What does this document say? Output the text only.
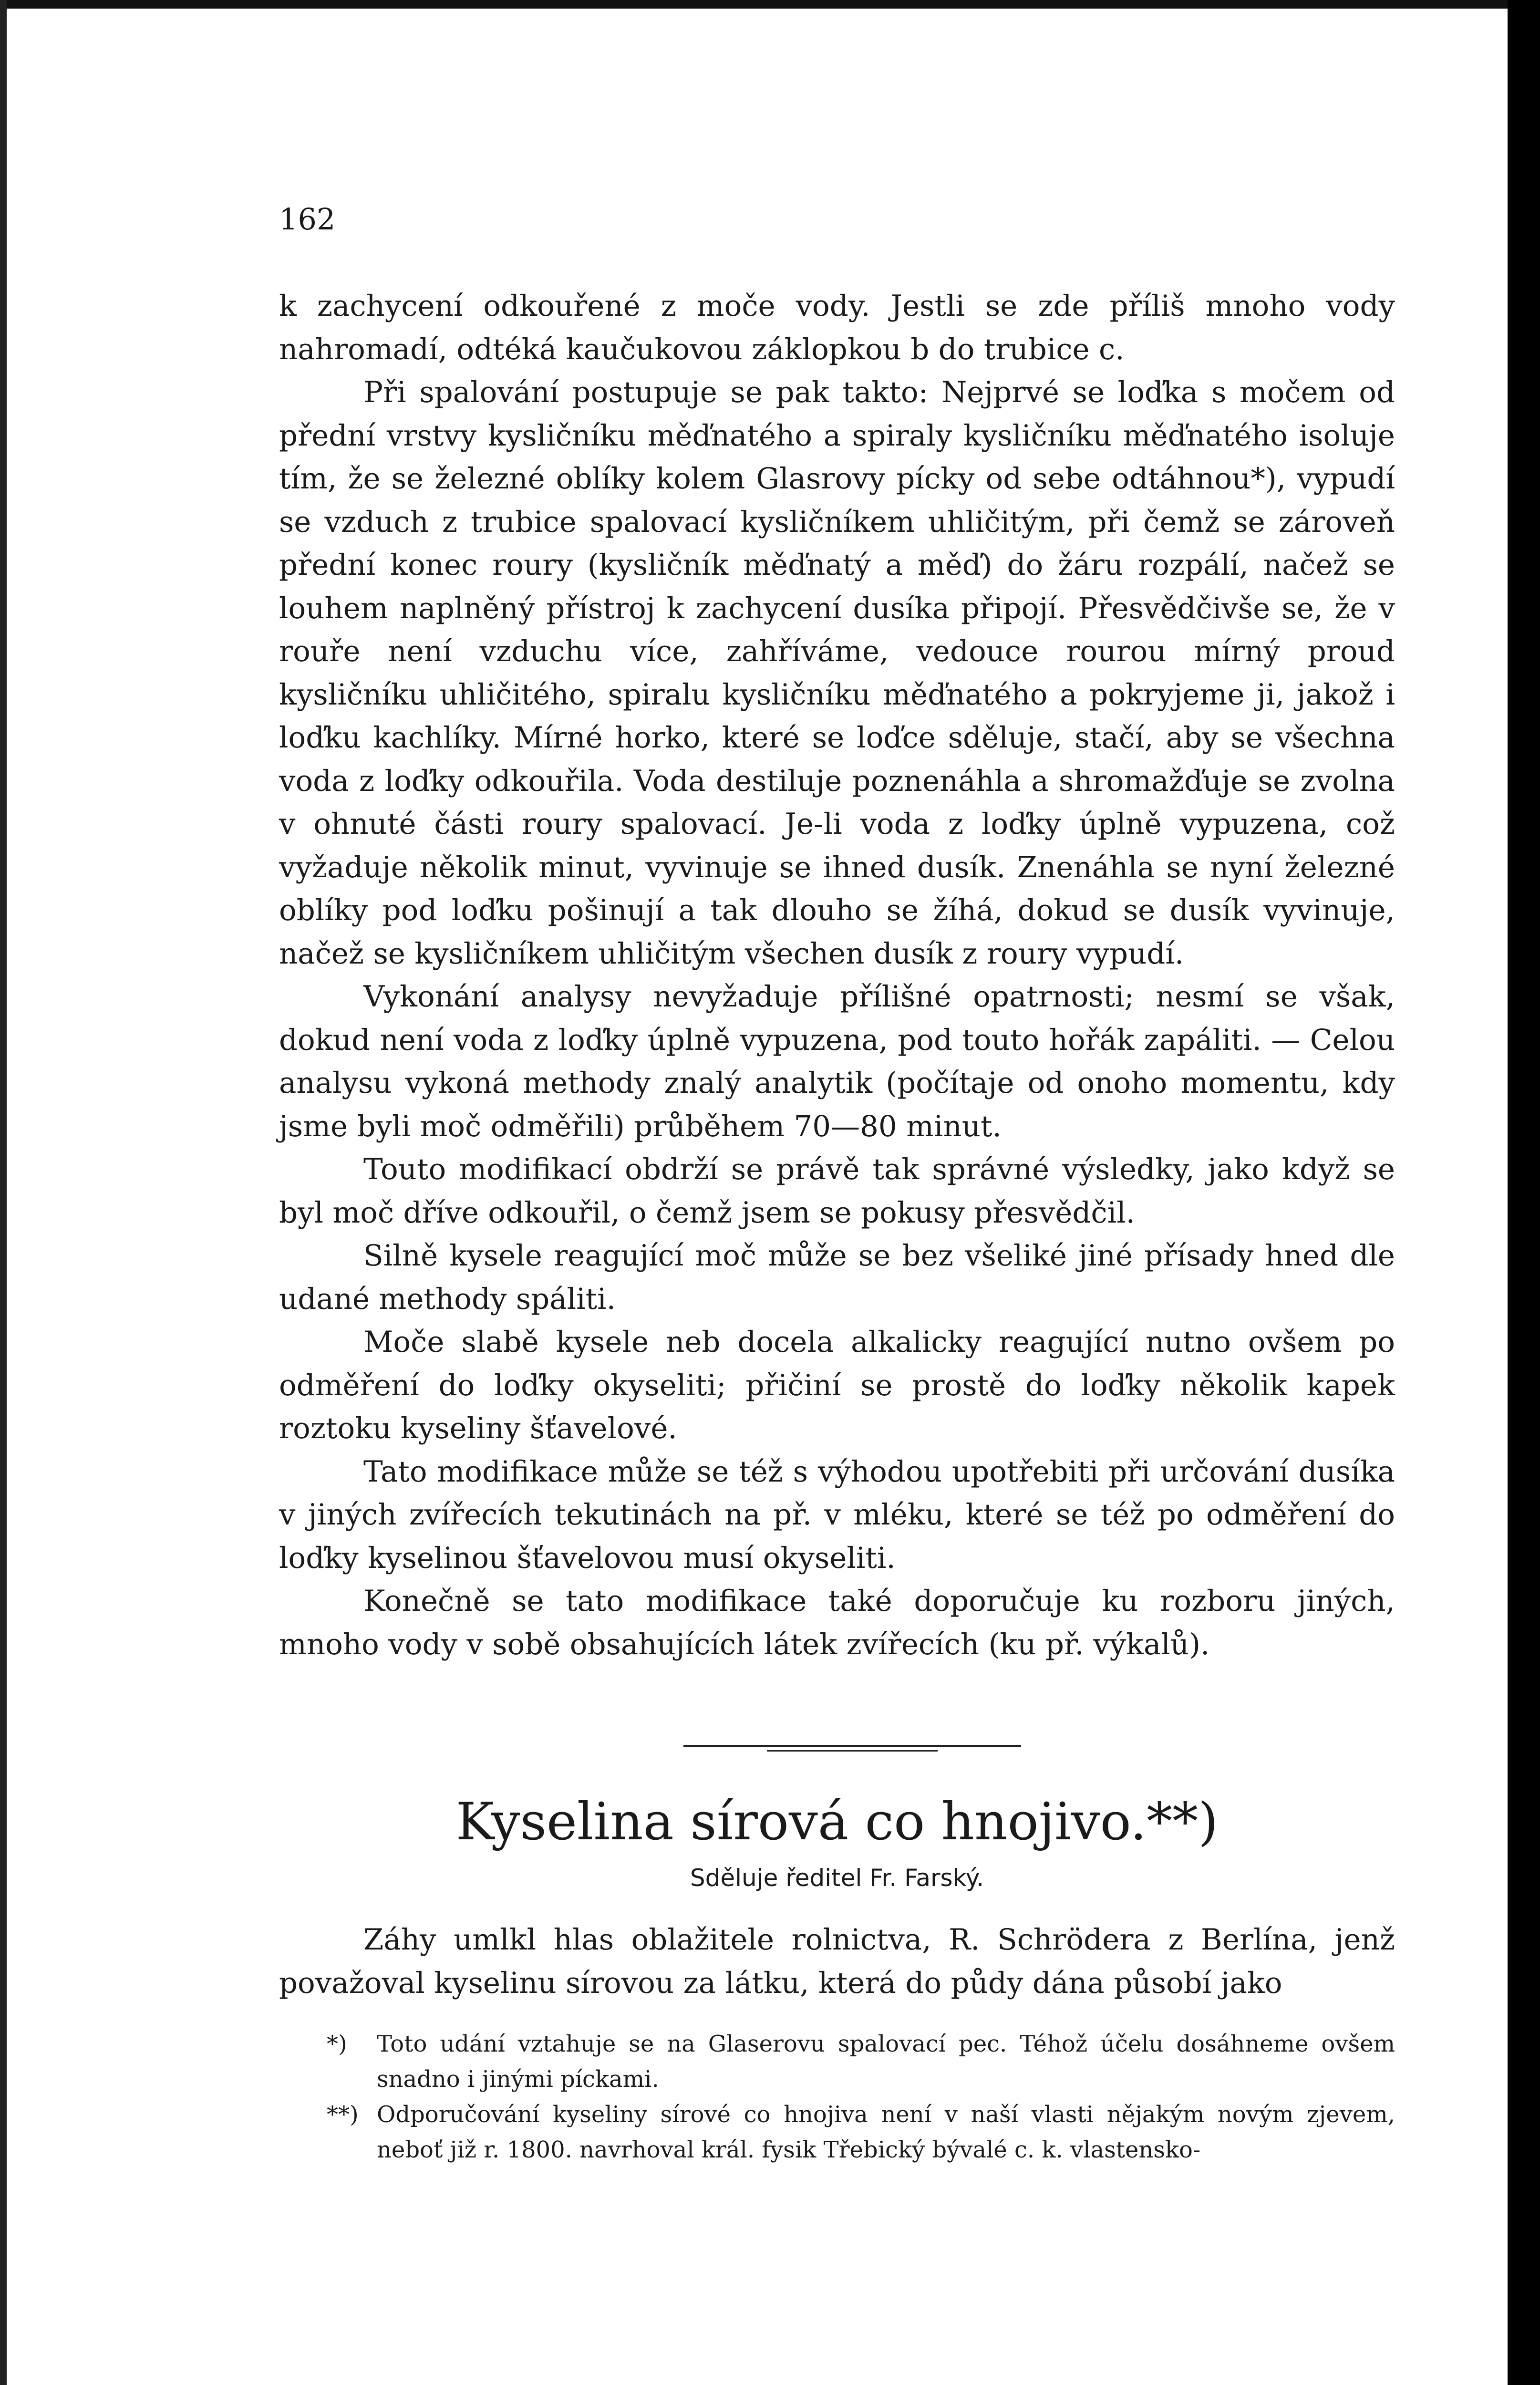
162

k zachycení odkouřené z moče vody. Jestli se zde příliš mnoho vody nahromadí, odtéká kaučukovou záklopkou b do trubice c.

Při spalování postupuje se pak takto: Nejprvé se loďka s močem od přední vrstvy kysličníku měďnatého a spiraly kysličníku měďnatého isoluje tím, že se železné oblíky kolem Glasrovy pícky od sebe odtáhnou*), vypudí se vzduch z trubice spalovací kysličníkem uhličitým, při čemž se zároveň přední konec roury (kysličník měďnatý a měď) do žáru rozpálí, načež se louhem naplněný přístroj k zachycení dusíka připojí. Přesvědčivše se, že v rouře není vzduchu více, zahříváme, vedouce rourou mírný proud kysličníku uhličitého, spiralu kysličníku měďnatého a pokryjeme ji, jakož i loďku kachlíky. Mírné horko, které se loďce sděluje, stačí, aby se všechna voda z loďky odkouřila. Voda destiluje poznenáhla a shromažďuje se zvolna v ohnuté části roury spalovací. Je-li voda z loďky úplně vypuzena, což vyžaduje několik minut, vyvinuje se ihned dusík. Znenáhla se nyní železné oblíky pod loďku pošinují a tak dlouho se žíhá, dokud se dusík vyvinuje, načež se kysličníkem uhličitým všechen dusík z roury vypudí.

Vykonání analysy nevyžaduje přílišné opatrnosti; nesmí se však, dokud není voda z loďky úplně vypuzena, pod touto hořák zapáliti. — Celou analysu vykoná methody znalý analytik (počítaje od onoho momentu, kdy jsme byli moč odměřili) průběhem 70—80 minut.

Touto modifikací obdrží se právě tak správné výsledky, jako když se byl moč dříve odkouřil, o čemž jsem se pokusy přesvědčil.

Silně kysele reagující moč může se bez všeliké jiné přísady hned dle udané methody spáliti.

Moče slabě kysele neb docela alkalicky reagující nutno ovšem po odměření do loďky okyseliti; přičiní se prostě do loďky několik kapek roztoku kyseliny šťavelové.

Tato modifikace může se též s výhodou upotřebiti při určování dusíka v jiných zvířecích tekutinách na př. v mléku, které se též po odměření do loďky kyselinou šťavelovou musí okyseliti.

Konečně se tato modifikace také doporučuje ku rozboru jiných, mnoho vody v sobě obsahujících látek zvířecích (ku př. výkalů).

Kyselina sírová co hnojivo.**)
Sděluje ředitel Fr. Farský.

Záhy umlkl hlas oblažitele rolnictva, R. Schrödera z Berlína, jenž považoval kyselinu sírovou za látku, která do půdy dána působí jako

*) Toto udání vztahuje se na Glaserovu spalovací pec. Téhož účelu dosáhneme ovšem snadno i jinými píckami.
**) Odporučování kyseliny sírové co hnojiva není v naší vlasti nějakým novým zjevem, neboť již r. 1800. navrhoval král. fysik Třebický bývalé c. k. vlastensko-
